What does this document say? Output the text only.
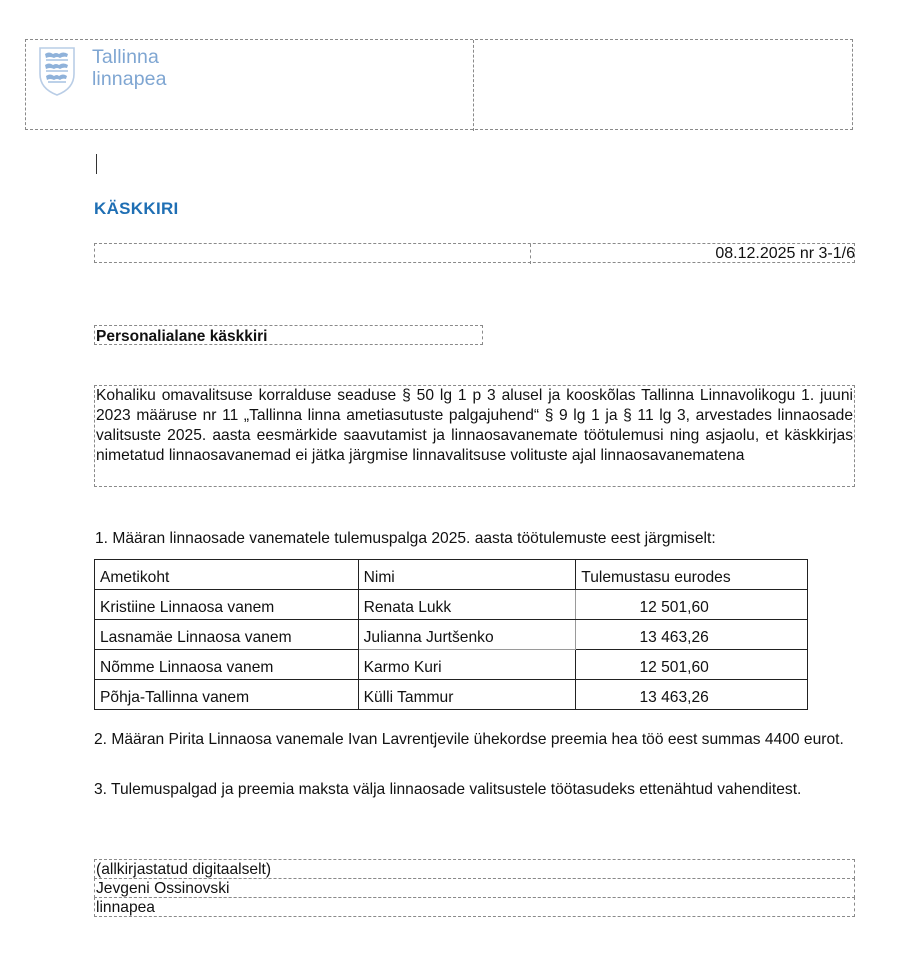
Tallinna
linnapea
KÄSKKIRI
08.12.2025 nr 3-1/6
Personalialane käskkiri

Kohaliku omavalitsuse korralduse seaduse § 50 lg 1 p 3 alusel ja kooskõlas Tallinna Linnavolikogu 1. juuni 2023 määruse nr 11 „Tallinna linna ametiasutuste palgajuhend“ § 9 lg 1 ja § 11 lg 3, arvestades linnaosade valitsuste 2025. aasta eesmärkide saavutamist ja linnaosavanemate töötulemusi ning asjaolu, et käskkirjas nimetatud linnaosavanemad ei jätka järgmise linnavalitsuse volituste ajal linnaosavanematena

1. Määran linnaosade vanematele tulemuspalga 2025. aasta töötulemuste eest järgmiselt:
Ametikoht	Nimi	Tulemustasu eurodes
Kristiine Linnaosa vanem	Renata Lukk	12 501,60
Lasnamäe Linnaosa vanem	Julianna Jurtšenko	13 463,26
Nõmme Linnaosa vanem	Karmo Kuri	12 501,60
Põhja-Tallinna vanem	Külli Tammur	13 463,26

2. Määran Pirita Linnaosa vanemale Ivan Lavrentjevile ühekordse preemia hea töö eest summas 4400 eurot.

3. Tulemuspalgad ja preemia maksta välja linnaosade valitsustele töötasudeks ettenähtud vahenditest.

(allkirjastatud digitaalselt)
Jevgeni Ossinovski
linnapea
